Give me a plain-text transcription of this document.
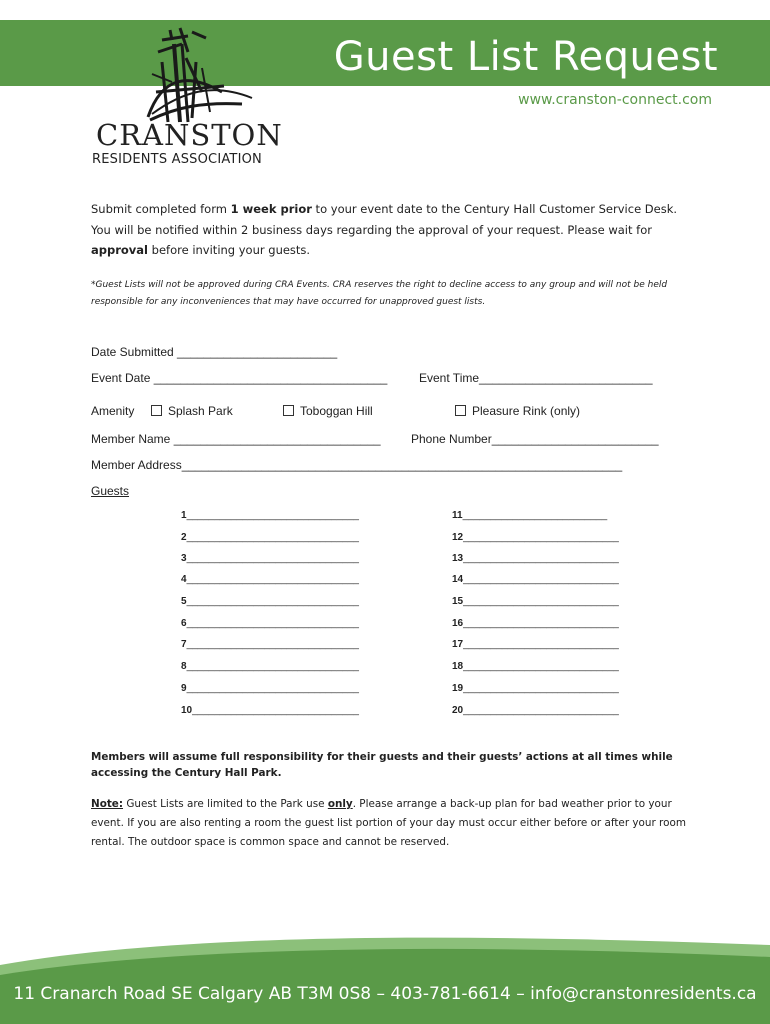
Guest List Request
www.cranston-connect.com
CRANSTON
RESIDENTS ASSOCIATION

Submit completed form 1 week prior to your event date to the Century Hall Customer Service Desk. You will be notified within 2 business days regarding the approval of your request. Please wait for approval before inviting your guests.

*Guest Lists will not be approved during CRA Events. CRA reserves the right to decline access to any group and will not be held responsible for any inconveniences that may have occurred for unapproved guest lists.

Date Submitted ________________________
Event Date ___________________________________	Event Time__________________________
Amenity	Splash Park	Toboggan Hill	Pleasure Rink (only)
Member Name _______________________________	Phone Number_________________________
Member Address__________________________________________________________________
Guests
1_______________________________
2_______________________________
3_______________________________
4_______________________________
5_______________________________
6_______________________________
7_______________________________
8_______________________________
9_______________________________
10______________________________
11__________________________
12____________________________
13____________________________
14____________________________
15____________________________
16____________________________
17____________________________
18____________________________
19____________________________
20____________________________

Members will assume full responsibility for their guests and their guests’ actions at all times while accessing the Century Hall Park.

Note: Guest Lists are limited to the Park use only. Please arrange a back-up plan for bad weather prior to your event. If you are also renting a room the guest list portion of your day must occur either before or after your room rental. The outdoor space is common space and cannot be reserved.

11 Cranarch Road SE Calgary AB T3M 0S8 – 403-781-6614 – info@cranstonresidents.ca
